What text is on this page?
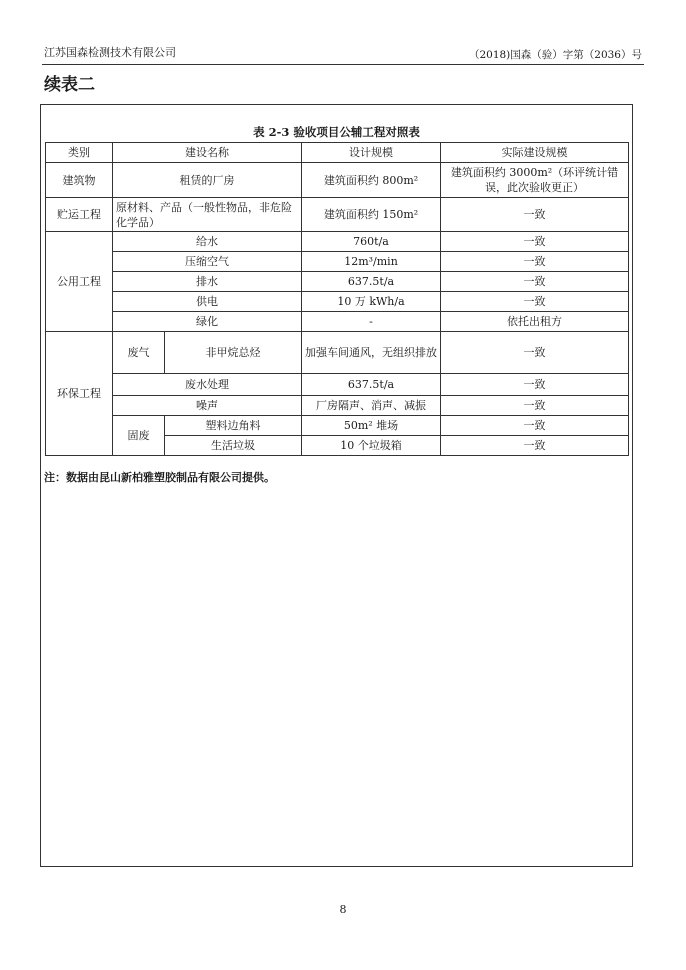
江苏国森检测技术有限公司	（2018)国森（验）字第（2036）号
续表二
表 2-3 验收项目公辅工程对照表
类别	建设名称		设计规模	实际建设规模
建筑物	租赁的厂房		建筑面积约 800m²	建筑面积约 3000m²（环评统计错误，此次验收更正）
贮运工程	原材料、产品（一般性物品，非危险化学品）		建筑面积约 150m²	一致
公用工程	给水		760t/a	一致
	压缩空气		12m³/min	一致
	排水		637.5t/a	一致
	供电		10 万 kWh/a	一致
	绿化		-	依托出租方
环保工程	废气	非甲烷总烃	加强车间通风，无组织排放	一致
	废水处理		637.5t/a	一致
	噪声		厂房隔声、消声、减振	一致
	固废	塑料边角料	50m² 堆场	一致
		生活垃圾	10 个垃圾箱	一致
注：数据由昆山新柏雅塑胶制品有限公司提供。
8
